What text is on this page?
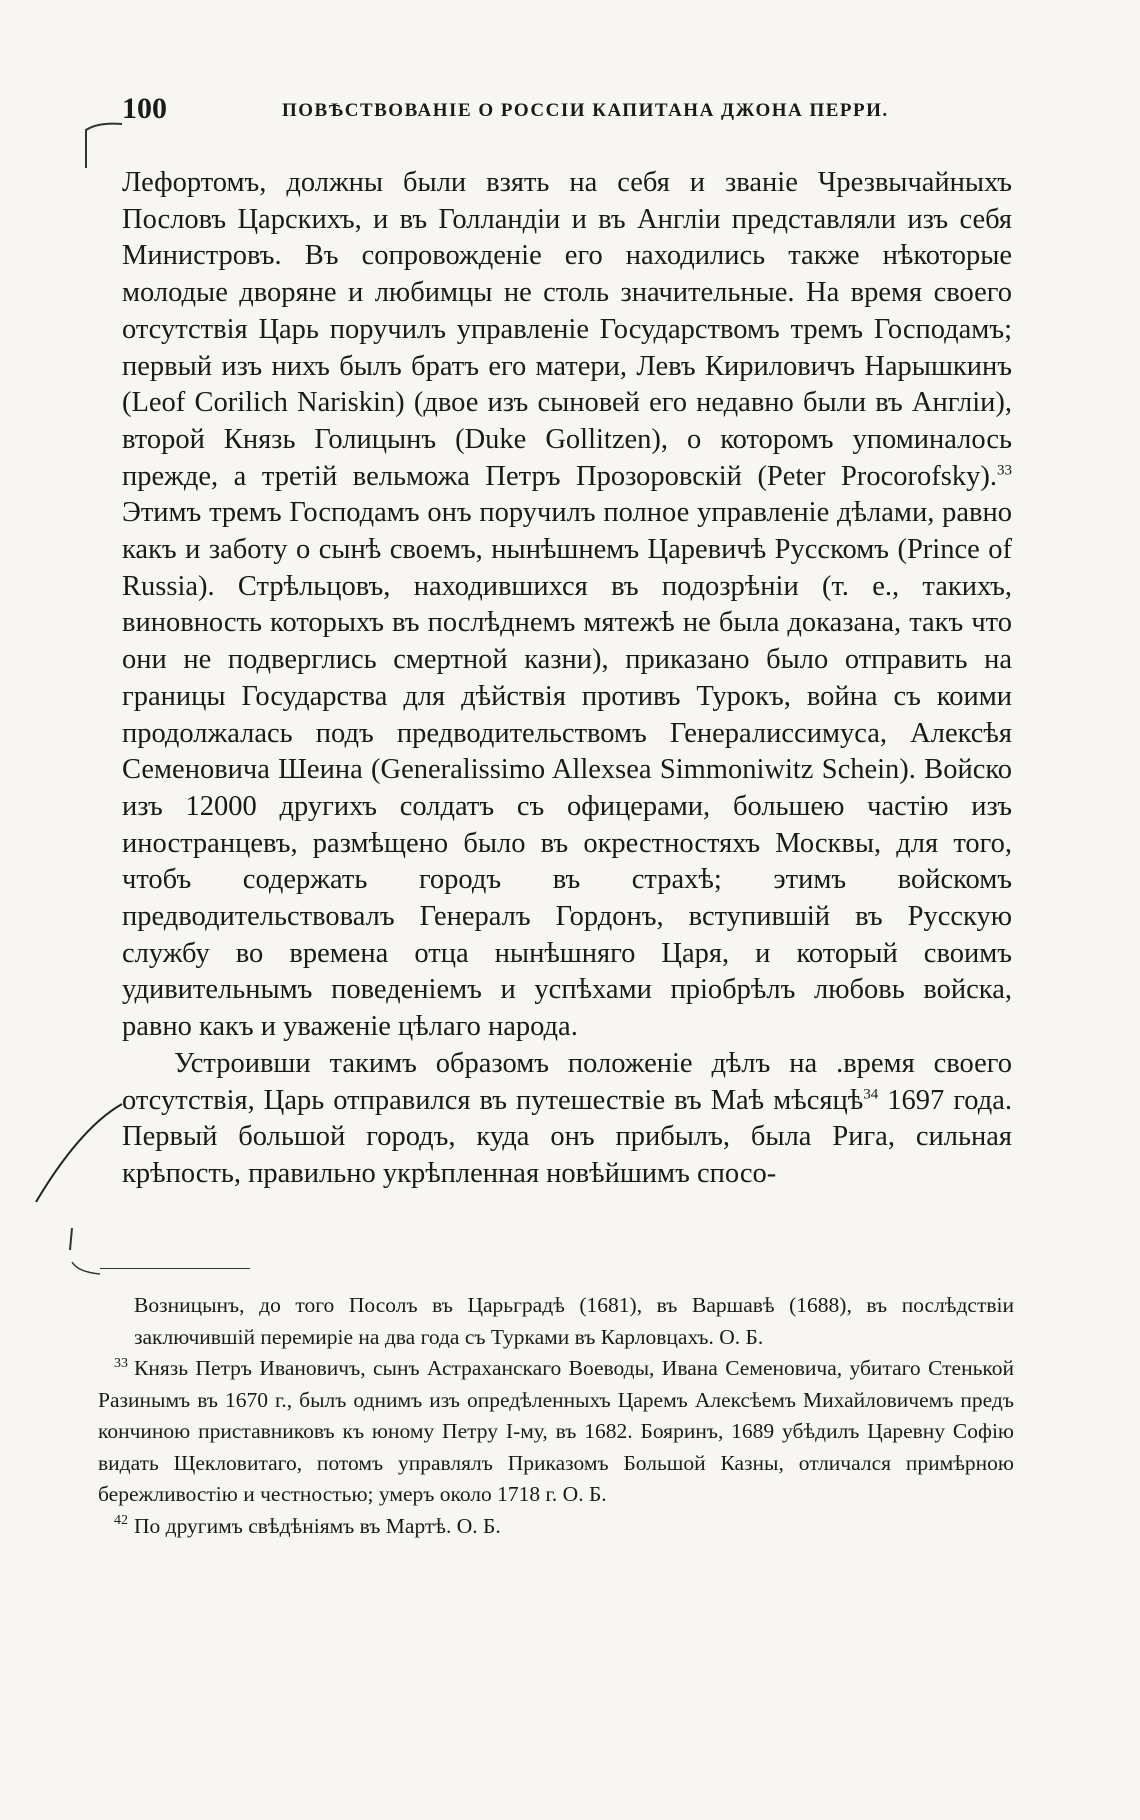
100	ПОВѢСТВОВАНІЕ О РОССІИ КАПИТАНА ДЖОНА ПЕРРИ.

Лефортомъ, должны были взять на себя и званіе Чрезвычайныхъ Пословъ Царскихъ, и въ Голландіи и въ Англіи представляли изъ себя Министровъ. Въ сопровожденіе его находились также нѣкоторые молодые дворяне и любимцы не столь значительные. На время своего отсутствія Царь поручилъ управленіе Государствомъ тремъ Господамъ; первый изъ нихъ былъ братъ его матери, Левъ Кириловичъ Нарышкинъ (Leof Corilich Nariskin) (двое изъ сыновей его недавно были въ Англіи), второй Князь Голицынъ (Duke Gollitzen), о которомъ упоминалось прежде, а третій вельможа Петръ Прозоровскій (Peter Procorofsky).$^{33}$ Этимъ тремъ Господамъ онъ поручилъ полное управленіе дѣлами, равно какъ и заботу о сынѣ своемъ, нынѣшнемъ Царевичѣ Русскомъ (Prince of Russia). Стрѣльцовъ, находившихся въ подозрѣніи (т. е., такихъ, виновность которыхъ въ послѣднемъ мятежѣ не была доказана, такъ что они не подверглись смертной казни), приказано было отправить на границы Государства для дѣйствія противъ Турокъ, война съ коими продолжалась подъ предводительствомъ Генералиссимуса, Алексѣя Семеновича Шеина (Generalissimo Allexsea Simmoniwitz Schein). Войско изъ 12000 другихъ солдатъ съ офицерами, большею частію изъ иностранцевъ, размѣщено было въ окрестностяхъ Москвы, для того, чтобъ содержать городъ въ страхѣ; этимъ войскомъ предводительствовалъ Генералъ Гордонъ, вступившій въ Русскую службу во времена отца нынѣшняго Царя, и который своимъ удивительнымъ поведеніемъ и успѣхами пріобрѣлъ любовь войска, равно какъ и уваженіе цѣлаго народа.

Устроивши такимъ образомъ положеніе дѣлъ на .время своего отсутствія, Царь отправился въ путешествіе въ Маѣ мѣсяцѣ$^{34}$ 1697 года. Первый большой городъ, куда онъ прибылъ, была Рига, сильная крѣпость, правильно укрѣпленная новѣйшимъ спосо-

Возницынъ, до того Посолъ въ Царьградѣ (1681), въ Варшавѣ (1688), въ послѣдствіи заключившій перемиріе на два года съ Турками въ Карловцахъ. О. Б.

33 Князь Петръ Ивановичъ, сынъ Астраханскаго Воеводы, Ивана Семеновича, убитаго Стенькой Разинымъ въ 1670 г., былъ однимъ изъ опредѣленныхъ Царемъ Алексѣемъ Михайловичемъ предъ кончиною приставниковъ къ юному Петру I-му, въ 1682. Бояринъ, 1689 убѣдилъ Царевну Софію видать Щекловитаго, потомъ управлялъ Приказомъ Большой Казны, отличался примѣрною бережливостію и честностью; умеръ около 1718 г. О. Б.

42 По другимъ свѣдѣніямъ въ Мартѣ. О. Б.
